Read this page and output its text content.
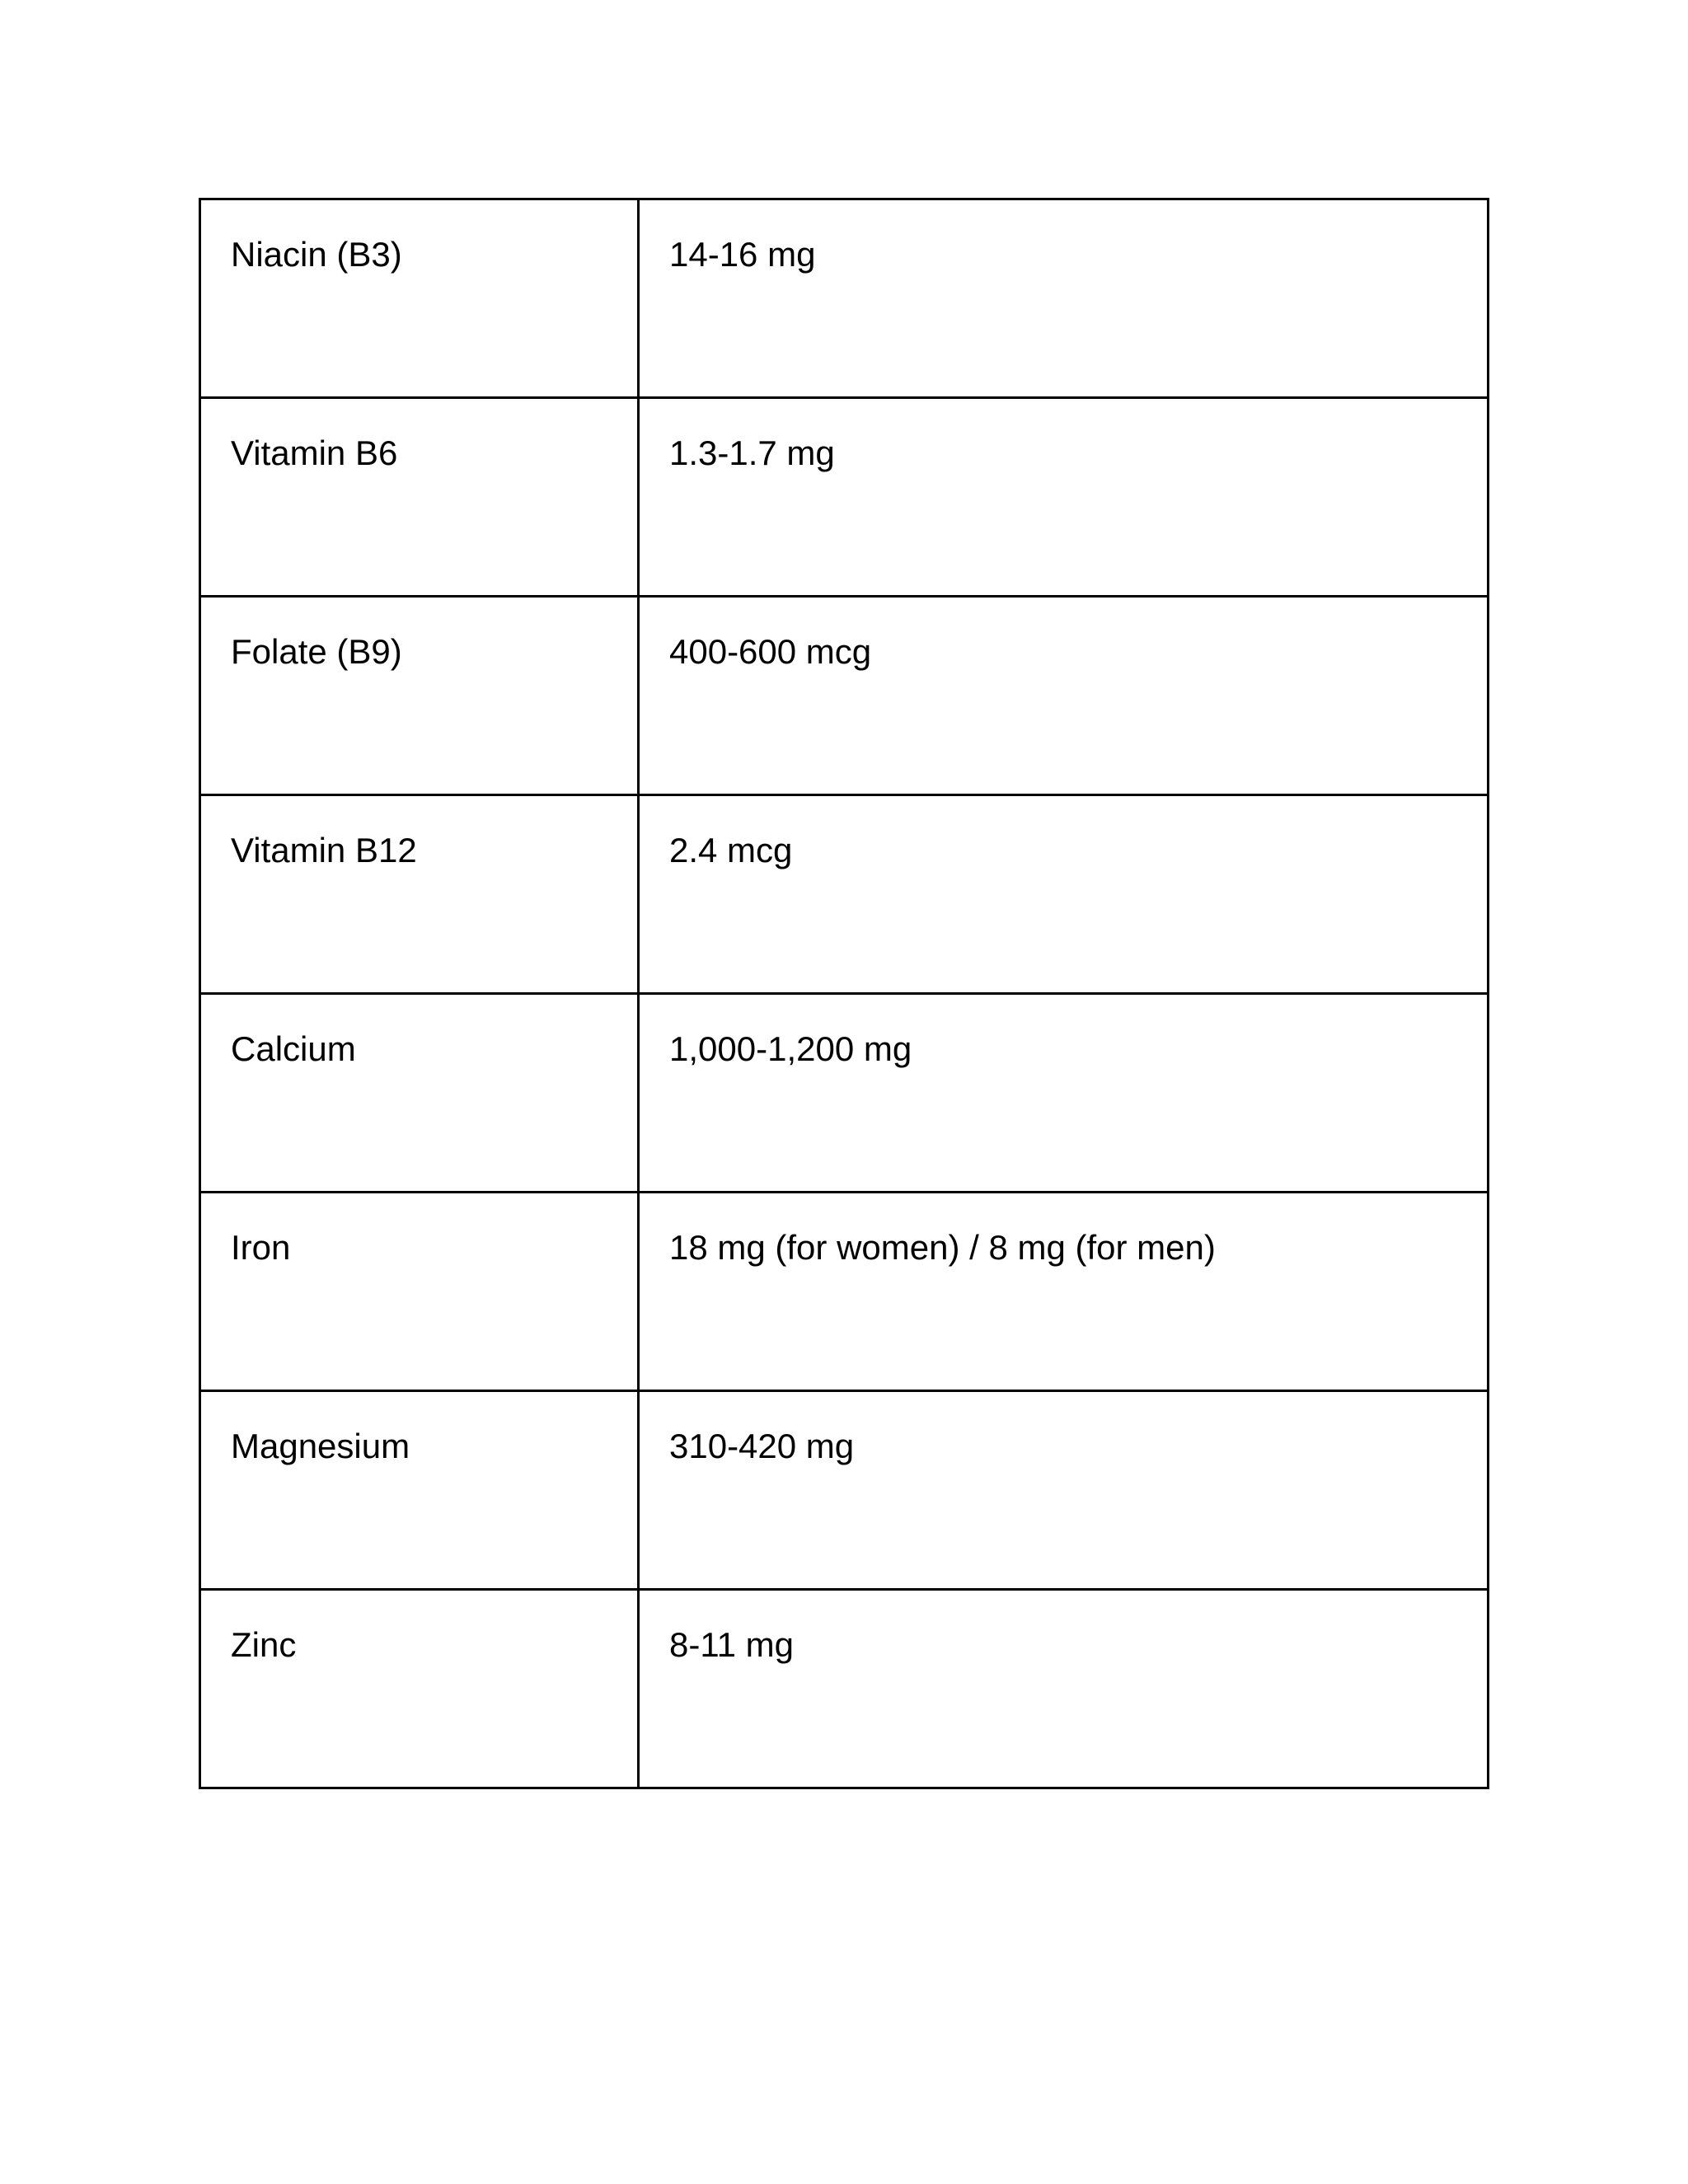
Niacin (B3)	14-16 mg
Vitamin B6	1.3-1.7 mg
Folate (B9)	400-600 mcg
Vitamin B12	2.4 mcg
Calcium	1,000-1,200 mg
Iron	18 mg (for women) / 8 mg (for men)
Magnesium	310-420 mg
Zinc	8-11 mg
